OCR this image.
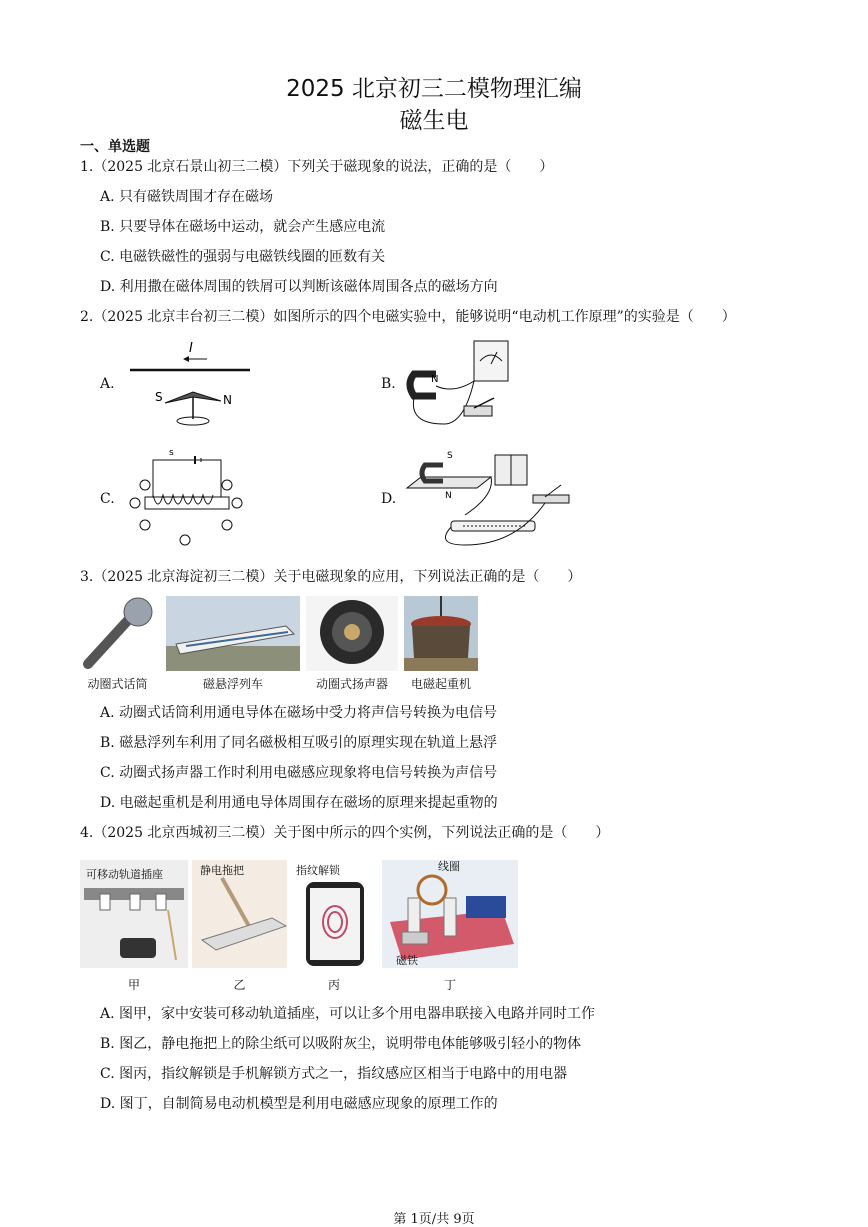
2025 北京初三二模物理汇编
磁生电
一、单选题
1.（2025 北京石景山初三二模）下列关于磁现象的说法，正确的是（　　）
A. 只有磁铁周围才存在磁场
B. 只要导体在磁场中运动，就会产生感应电流
C. 电磁铁磁性的强弱与电磁铁线圈的匝数有关
D. 利用撒在磁体周围的铁屑可以判断该磁体周围各点的磁场方向
2.（2025 北京丰台初三二模）如图所示的四个电磁实验中，能够说明“电动机工作原理”的实验是（　　）
A.
I
S	N
B.	N
C.
s
D.
S
N
3.（2025 北京海淀初三二模）关于电磁现象的应用，下列说法正确的是（　　）
动圈式话筒	磁悬浮列车	动圈式扬声器	电磁起重机
A. 动圈式话筒利用通电导体在磁场中受力将声信号转换为电信号
B. 磁悬浮列车利用了同名磁极相互吸引的原理实现在轨道上悬浮
C. 动圈式扬声器工作时利用电磁感应现象将电信号转换为声信号
D. 电磁起重机是利用通电导体周围存在磁场的原理来提起重物的
4.（2025 北京西城初三二模）关于图中所示的四个实例，下列说法正确的是（　　）
可移动轨道插座	静电拖把	指纹解锁	线圈
磁铁
甲	乙	丙	丁
A. 图甲，家中安装可移动轨道插座，可以让多个用电器串联接入电路并同时工作
B. 图乙，静电拖把上的除尘纸可以吸附灰尘，说明带电体能够吸引轻小的物体
C. 图丙，指纹解锁是手机解锁方式之一，指纹感应区相当于电路中的用电器
D. 图丁，自制简易电动机模型是利用电磁感应现象的原理工作的
第 1页/共 9页
